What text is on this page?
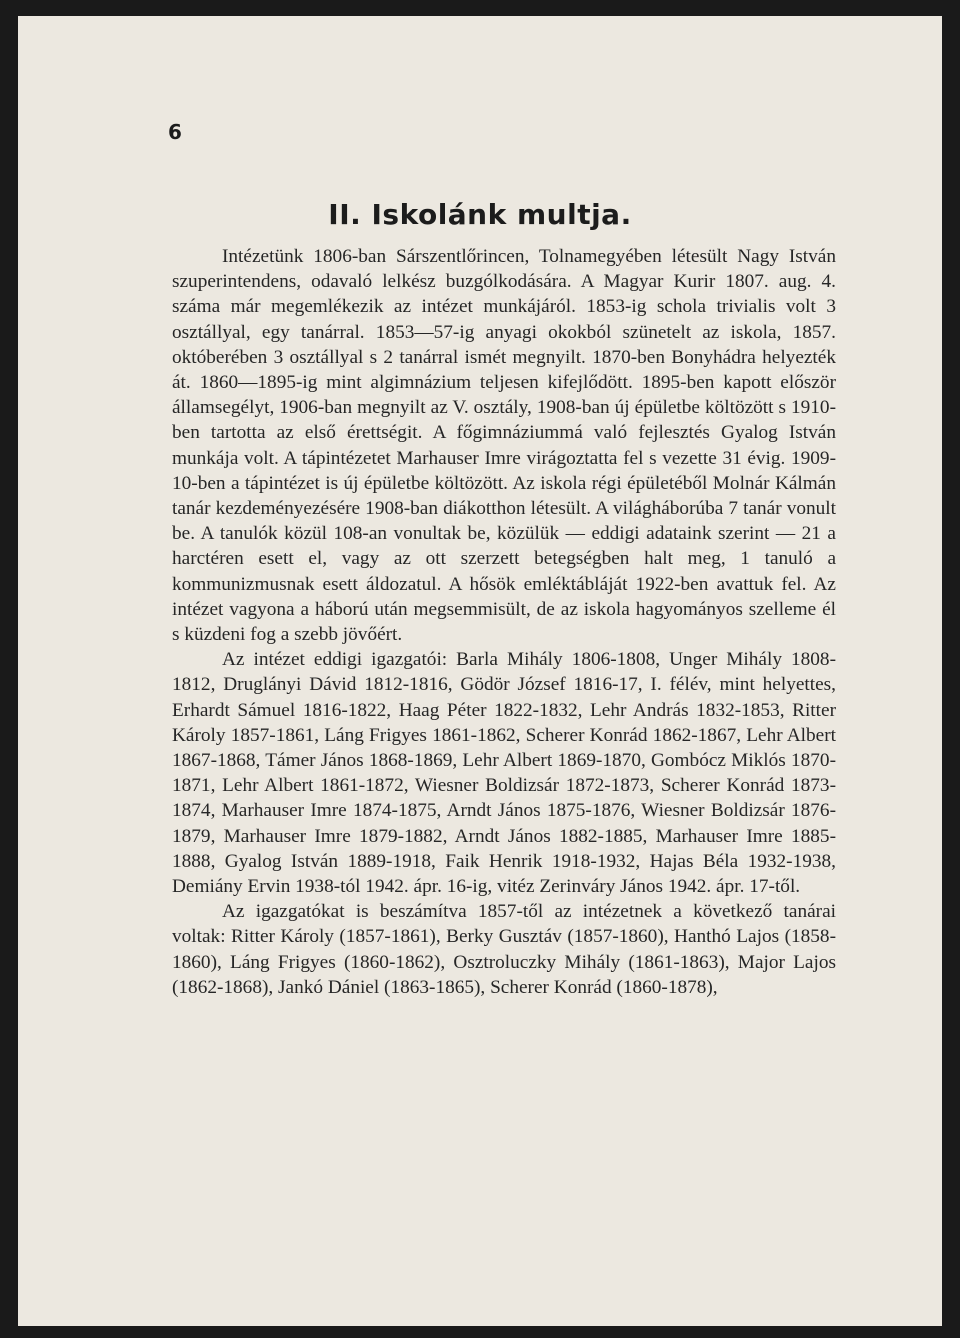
6
II. Iskolánk multja.

Intézetünk 1806-ban Sárszentlőrincen, Tolnamegyében létesült Nagy István szuperintendens, odavaló lelkész buzgólkodására. A Magyar Kurir 1807. aug. 4. száma már megemlékezik az intézet munkájáról. 1853-ig schola trivialis volt 3 osztállyal, egy tanárral. 1853—57-ig anyagi okokból szünetelt az iskola, 1857. októberében 3 osztállyal s 2 tanárral ismét megnyilt. 1870-ben Bonyhádra helyezték át. 1860—1895-ig mint algimnázium teljesen kifejlődött. 1895-ben kapott először államsegélyt, 1906-ban megnyilt az V. osztály, 1908-ban új épületbe költözött s 1910-ben tartotta az első érettségit. A főgimnáziummá való fejlesztés Gyalog István munkája volt. A tápintézetet Marhauser Imre virágoztatta fel s vezette 31 évig. 1909-10-ben a tápintézet is új épületbe költözött. Az iskola régi épületéből Molnár Kálmán tanár kezdeményezésére 1908-ban diákotthon létesült. A világháborúba 7 tanár vonult be. A tanulók közül 108-an vonultak be, közülük — eddigi adataink szerint — 21 a harctéren esett el, vagy az ott szerzett betegségben halt meg, 1 tanuló a kommunizmusnak esett áldozatul. A hősök emléktábláját 1922-ben avattuk fel. Az intézet vagyona a háború után megsemmisült, de az iskola hagyományos szelleme él s küzdeni fog a szebb jövőért.

Az intézet eddigi igazgatói: Barla Mihály 1806-1808, Unger Mihály 1808-1812, Druglányi Dávid 1812-1816, Gödör József 1816-17, I. félév, mint helyettes, Erhardt Sámuel 1816-1822, Haag Péter 1822-1832, Lehr András 1832-1853, Ritter Károly 1857-1861, Láng Frigyes 1861-1862, Scherer Konrád 1862-1867, Lehr Albert 1867-1868, Támer János 1868-1869, Lehr Albert 1869-1870, Gombócz Miklós 1870-1871, Lehr Albert 1861-1872, Wiesner Boldizsár 1872-1873, Scherer Konrád 1873-1874, Marhauser Imre 1874-1875, Arndt János 1875-1876, Wiesner Boldizsár 1876-1879, Marhauser Imre 1879-1882, Arndt János 1882-1885, Marhauser Imre 1885-1888, Gyalog István 1889-1918, Faik Henrik 1918-1932, Hajas Béla 1932-1938, Demiány Ervin 1938-tól 1942. ápr. 16-ig, vitéz Zerinváry János 1942. ápr. 17-től.

Az igazgatókat is beszámítva 1857-től az intézetnek a következő tanárai voltak: Ritter Károly (1857-1861), Berky Gusztáv (1857-1860), Hanthó Lajos (1858-1860), Láng Frigyes (1860-1862), Osztroluczky Mihály (1861-1863), Major Lajos (1862-1868), Jankó Dániel (1863-1865), Scherer Konrád (1860-1878),
